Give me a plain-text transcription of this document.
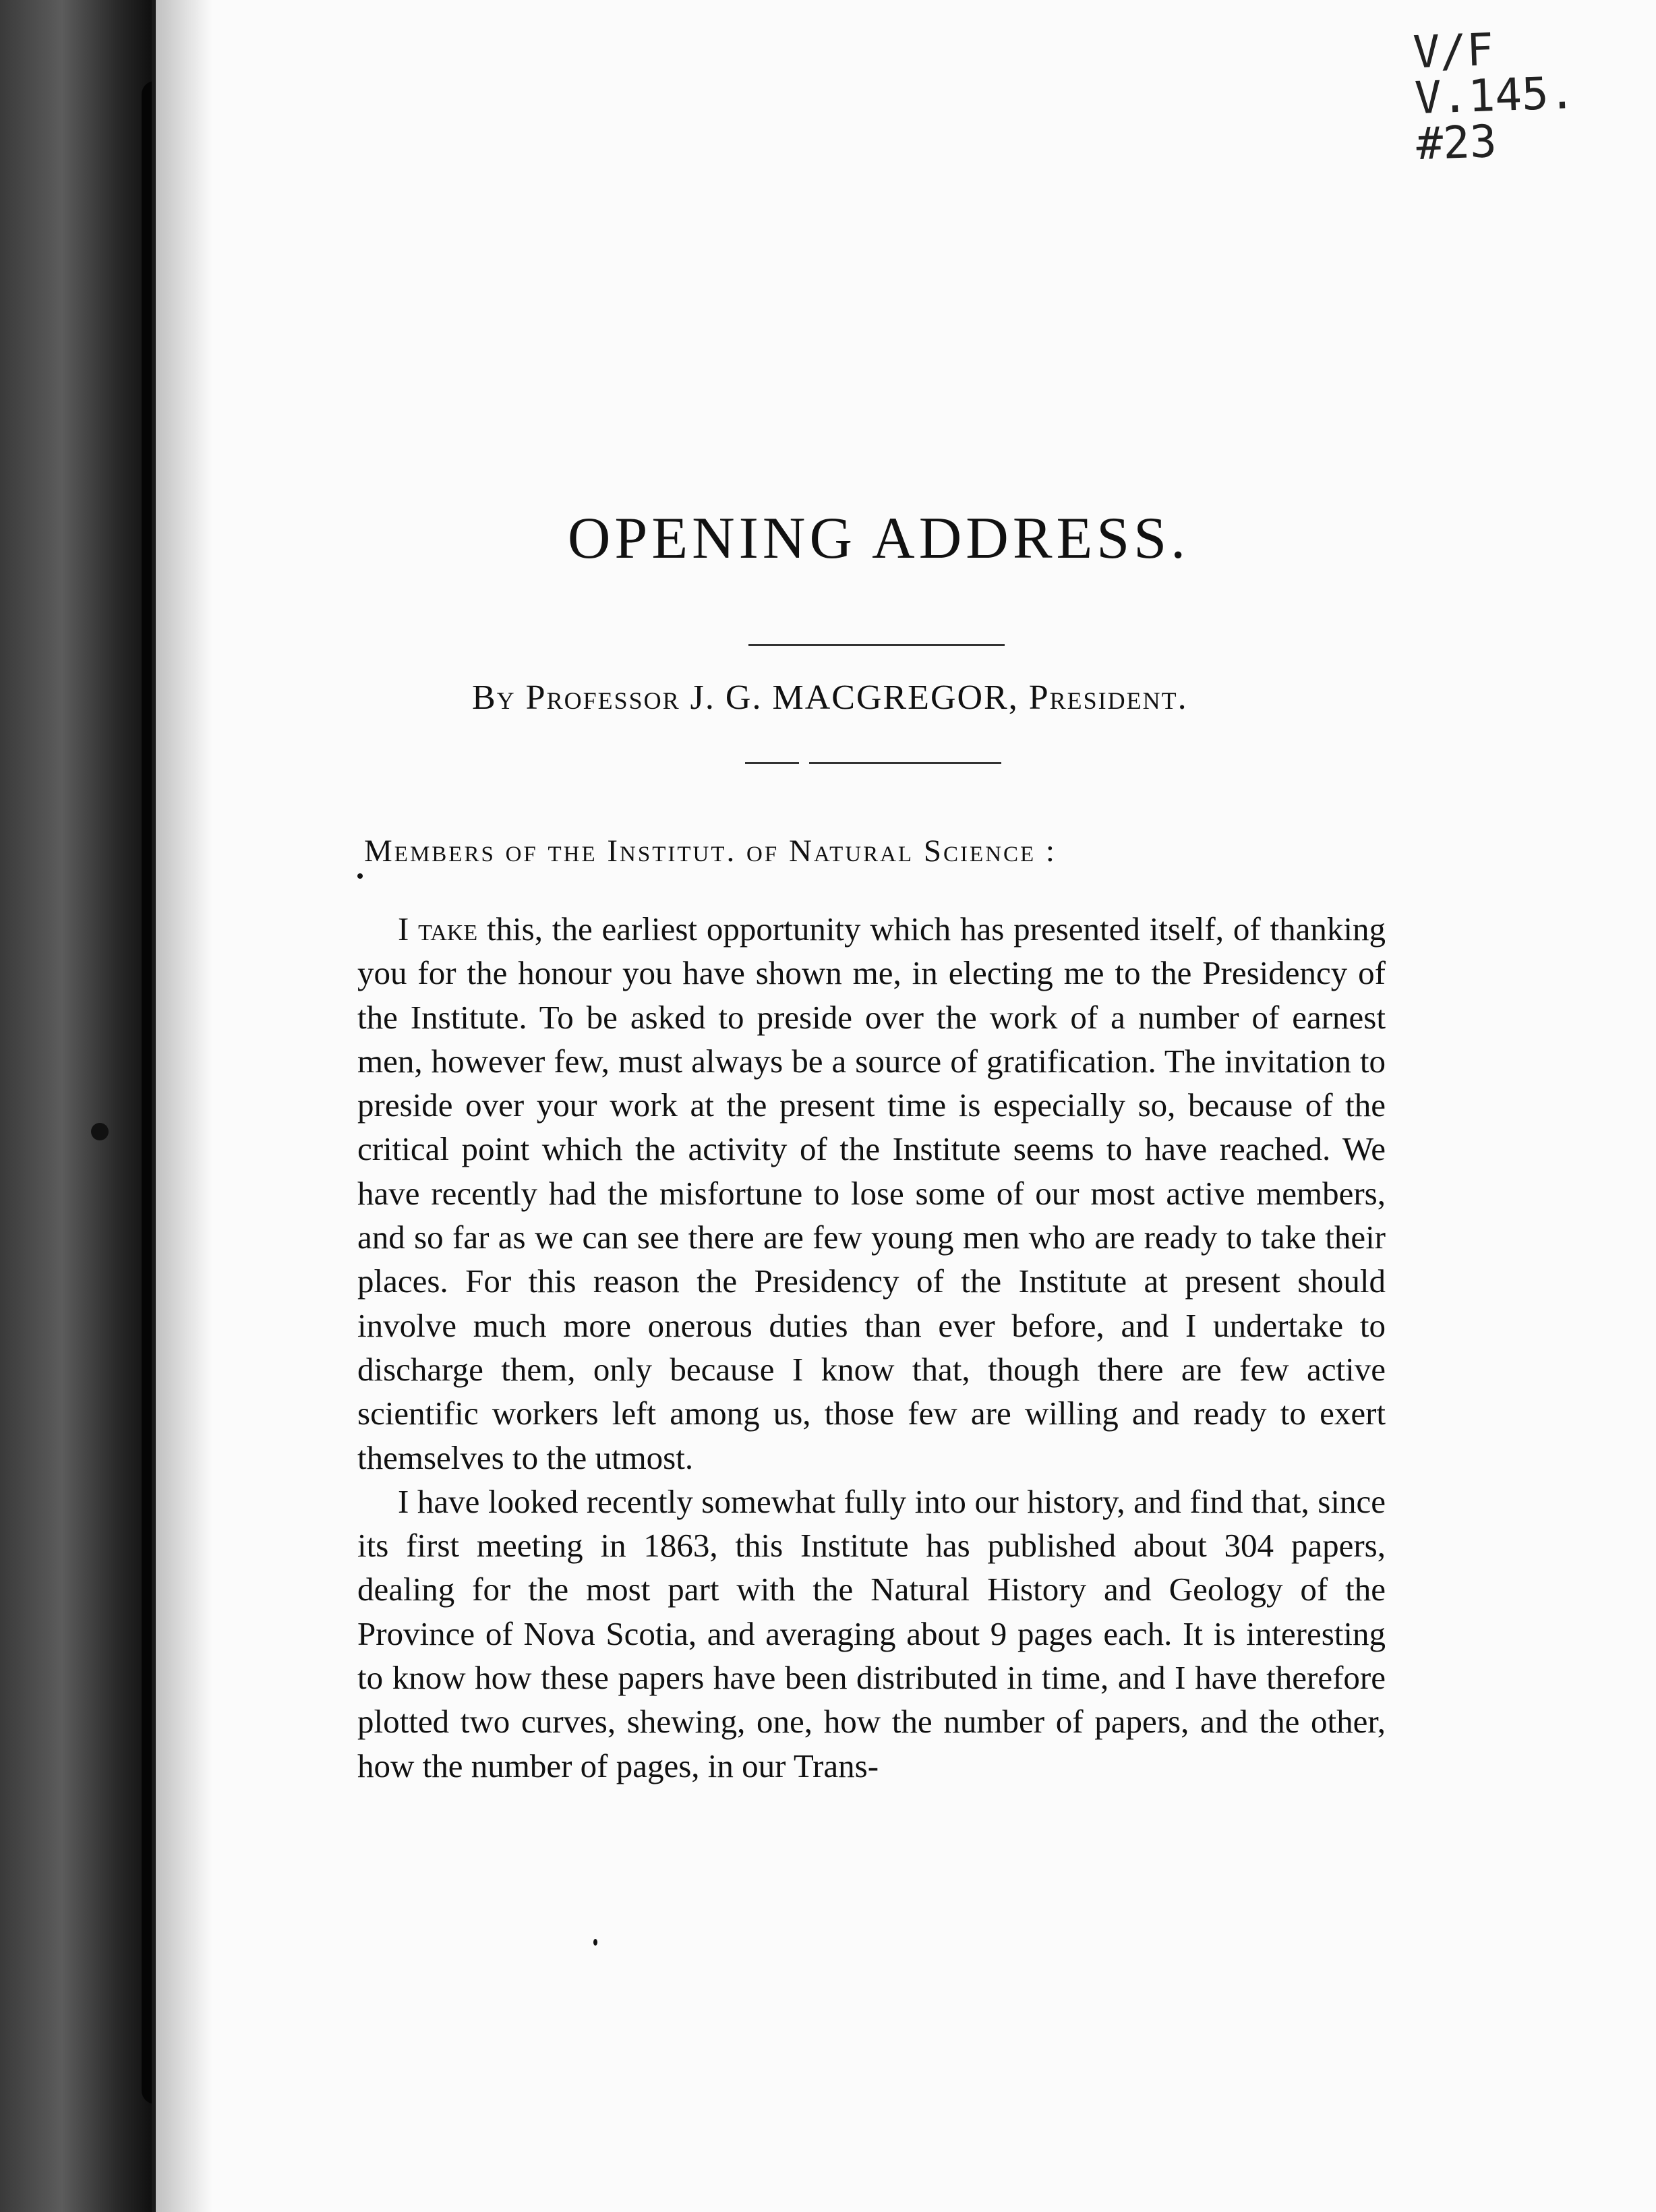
V/F
V.145.
#23
OPENING ADDRESS.
By Professor J. G. MACGREGOR, President.
Members of the Institut. of Natural Science :

I take this, the earliest opportunity which has presented itself, of thanking you for the honour you have shown me, in electing me to the Presidency of the Institute. To be asked to preside over the work of a number of earnest men, however few, must always be a source of gratification. The invitation to preside over your work at the present time is especially so, because of the critical point which the activity of the Institute seems to have reached. We have recently had the misfortune to lose some of our most active members, and so far as we can see there are few young men who are ready to take their places. For this reason the Presidency of the Institute at present should involve much more onerous duties than ever before, and I undertake to discharge them, only because I know that, though there are few active scientific workers left among us, those few are willing and ready to exert themselves to the utmost.

I have looked recently somewhat fully into our history, and find that, since its first meeting in 1863, this Institute has published about 304 papers, dealing for the most part with the Natural History and Geology of the Province of Nova Scotia, and averaging about 9 pages each. It is interesting to know how these papers have been distributed in time, and I have therefore plotted two curves, shewing, one, how the number of papers, and the other, how the number of pages, in our Trans-
